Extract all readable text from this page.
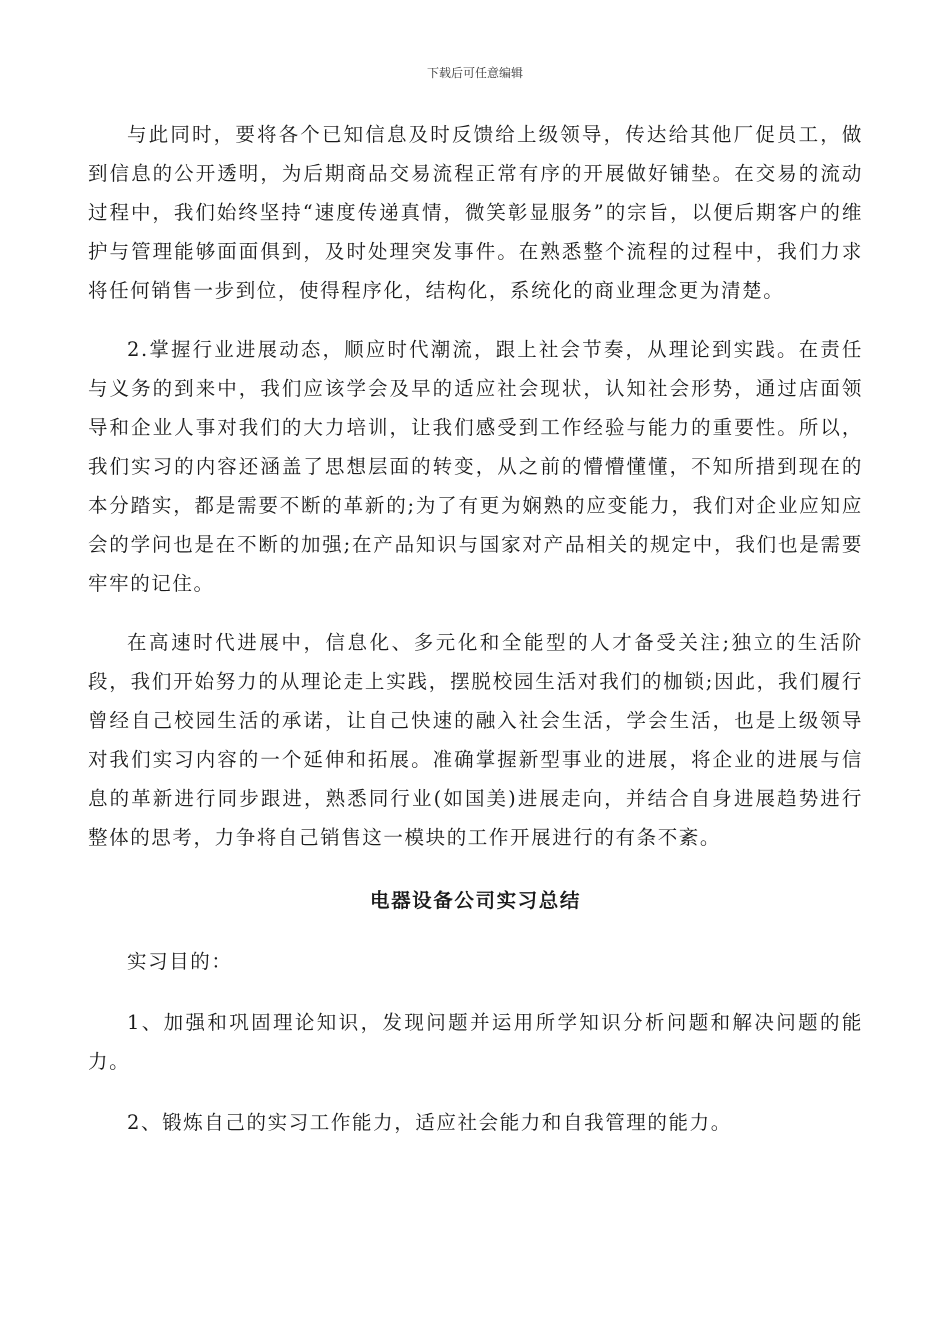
下载后可任意编辑

与此同时，要将各个已知信息及时反馈给上级领导，传达给其他厂促员工，做到信息的公开透明，为后期商品交易流程正常有序的开展做好铺垫。在交易的流动过程中，我们始终坚持“速度传递真情，微笑彰显服务”的宗旨，以便后期客户的维护与管理能够面面俱到，及时处理突发事件。在熟悉整个流程的过程中，我们力求将任何销售一步到位，使得程序化，结构化，系统化的商业理念更为清楚。

2.掌握行业进展动态，顺应时代潮流，跟上社会节奏，从理论到实践。在责任与义务的到来中，我们应该学会及早的适应社会现状，认知社会形势，通过店面领导和企业人事对我们的大力培训，让我们感受到工作经验与能力的重要性。所以，我们实习的内容还涵盖了思想层面的转变，从之前的懵懵懂懂，不知所措到现在的本分踏实，都是需要不断的革新的;为了有更为娴熟的应变能力，我们对企业应知应会的学问也是在不断的加强;在产品知识与国家对产品相关的规定中，我们也是需要牢牢的记住。

在高速时代进展中，信息化、多元化和全能型的人才备受关注;独立的生活阶段，我们开始努力的从理论走上实践，摆脱校园生活对我们的枷锁;因此，我们履行曾经自己校园生活的承诺，让自己快速的融入社会生活，学会生活，也是上级领导对我们实习内容的一个延伸和拓展。准确掌握新型事业的进展，将企业的进展与信息的革新进行同步跟进，熟悉同行业(如国美)进展走向，并结合自身进展趋势进行整体的思考，力争将自己销售这一模块的工作开展进行的有条不紊。

电器设备公司实习总结

实习目的：

1、加强和巩固理论知识，发现问题并运用所学知识分析问题和解决问题的能力。

2、锻炼自己的实习工作能力，适应社会能力和自我管理的能力。
